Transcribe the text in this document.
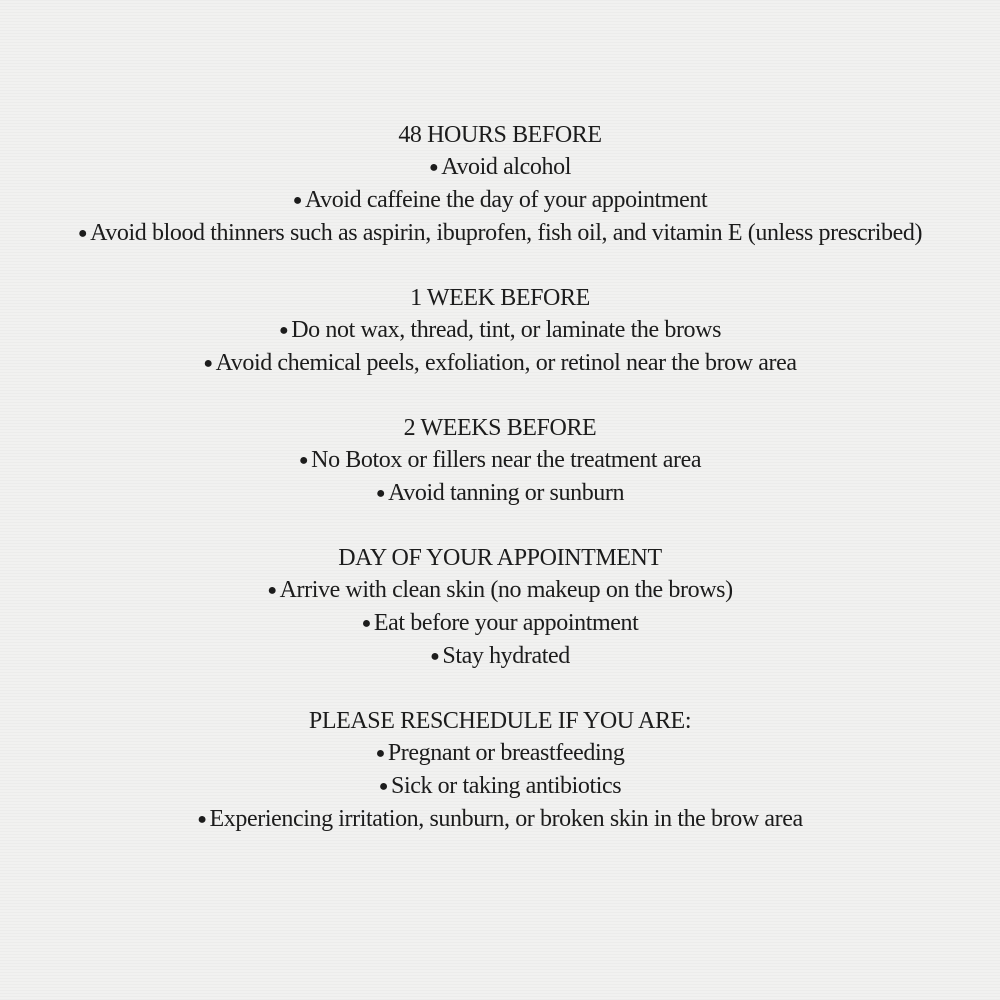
48 HOURS BEFORE
● Avoid alcohol
● Avoid caffeine the day of your appointment
● Avoid blood thinners such as aspirin, ibuprofen, fish oil, and vitamin E (unless prescribed)
1 WEEK BEFORE
● Do not wax, thread, tint, or laminate the brows
● Avoid chemical peels, exfoliation, or retinol near the brow area
2 WEEKS BEFORE
● No Botox or fillers near the treatment area
● Avoid tanning or sunburn
DAY OF YOUR APPOINTMENT
● Arrive with clean skin (no makeup on the brows)
● Eat before your appointment
● Stay hydrated
PLEASE RESCHEDULE IF YOU ARE:
● Pregnant or breastfeeding
● Sick or taking antibiotics
● Experiencing irritation, sunburn, or broken skin in the brow area
